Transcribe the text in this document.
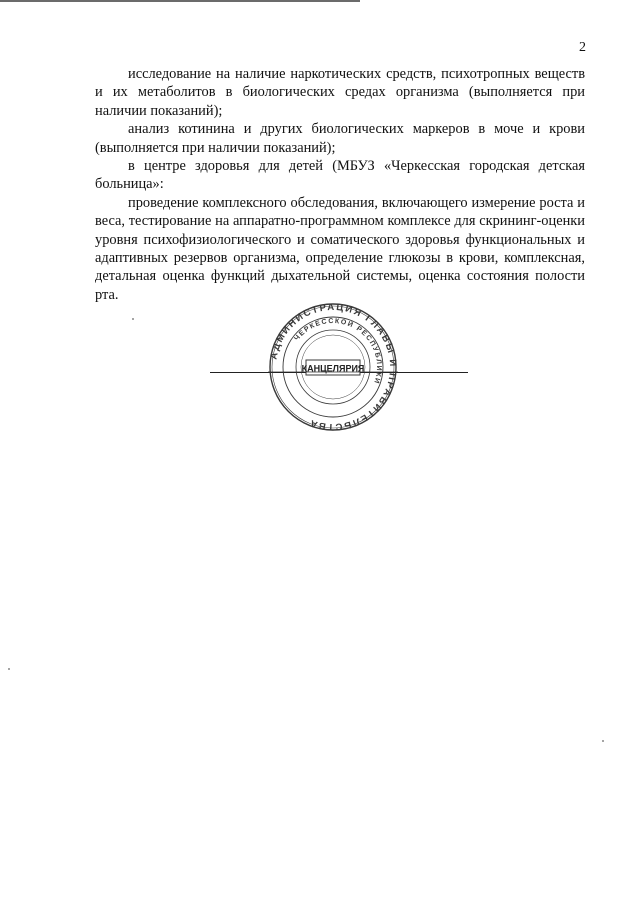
2

исследование на наличие наркотических средств, психотропных веществ и их метаболитов в биологических средах организма (выполняется при наличии показаний);

анализ котинина и других биологических маркеров в моче и крови (выполняется при наличии показаний);

в центре здоровья для детей (МБУЗ «Черкесская городская детская больница»:

проведение комплексного обследования, включающего измерение роста и веса, тестирование на аппаратно-программном комплексе для скрининг-оценки уровня психофизиологического и соматического здоровья функциональных и адаптивных резервов организма, определение глюкозы в крови, комплексная, детальная оценка функций дыхательной системы, оценка состояния полости рта.

АДМИНИСТРАЦИЯ ГЛАВЫ И ПРАВИТЕЛЬСТВА
ЧЕРКЕССКОЙ РЕСПУБЛИКИ
КАНЦЕЛЯРИЯ
